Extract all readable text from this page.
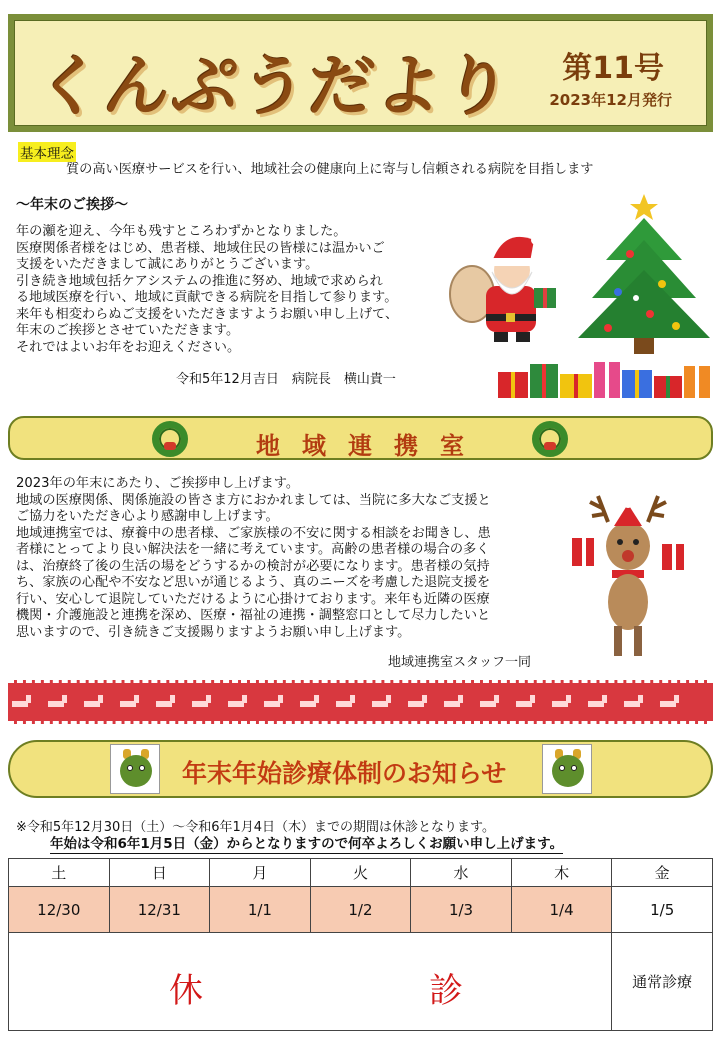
くんぷうだより 第11号
2023年12月発行
基本理念
質の高い医療サービスを行い、地域社会の健康向上に寄与し信頼される病院を目指します
～年末のご挨拶～
年の瀬を迎え、今年も残すところわずかとなりました。
医療関係者様をはじめ、患者様、地域住民の皆様には温かいご
支援をいただきまして誠にありがとうございます。
引き続き地域包括ケアシステムの推進に努め、地域で求められ
る地域医療を行い、地域に貢献できる病院を目指して参ります。
来年も相変わらぬご支援をいただきますようお願い申し上げて、
年末のご挨拶とさせていただきます。
それではよいお年をお迎えください。
令和5年12月吉日　病院長　横山貴一
地域連携室
2023年の年末にあたり、ご挨拶申し上げます。
地域の医療関係、関係施設の皆さま方におかれましては、当院に多大なご支援と
ご協力をいただき心より感謝申し上げます。
地域連携室では、療養中の患者様、ご家族様の不安に関する相談をお聞きし、患
者様にとってより良い解決法を一緒に考えています。高齢の患者様の場合の多く
は、治療終了後の生活の場をどうするかの検討が必要になります。患者様の気持
ち、家族の心配や不安など思いが通じるよう、真のニーズを考慮した退院支援を
行い、安心して退院していただけるように心掛けております。来年も近隣の医療
機関・介護施設と連携を深め、医療・福祉の連携・調整窓口として尽力したいと
思いますので、引き続きご支援賜りますようお願い申し上げます。
地域連携室スタッフ一同
年末年始診療体制のお知らせ
※令和5年12月30日（土）～令和6年1月4日（木）までの期間は休診となります。
年始は令和6年1月5日（金）からとなりますので何卒よろしくお願い申し上げます。
土	日	月	火	水	木	金
12/30	12/31	1/1	1/2	1/3	1/4	1/5

休 診						通常診療
